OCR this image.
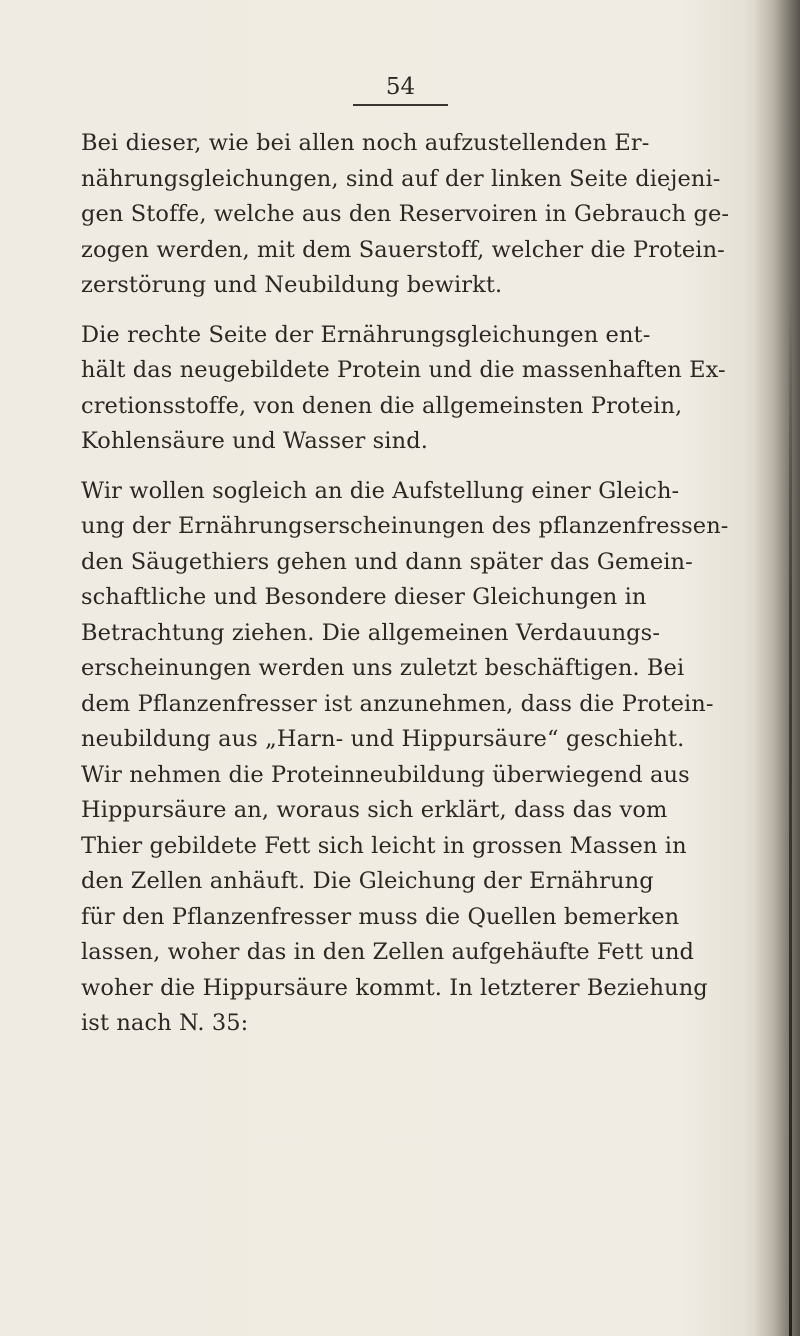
54
Bei dieser, wie bei allen noch aufzustellenden Er-
nährungsgleichungen, sind auf der linken Seite diejeni-
gen Stoffe, welche aus den Reservoiren in Gebrauch ge-
zogen werden, mit dem Sauerstoff, welcher die Protein-
zerstörung und Neubildung bewirkt.
Die rechte Seite der Ernährungsgleichungen ent-
hält das neugebildete Protein und die massenhaften Ex-
cretionsstoffe, von denen die allgemeinsten Protein,
Kohlensäure und Wasser sind.
Wir wollen sogleich an die Aufstellung einer Gleich-
ung der Ernährungserscheinungen des pflanzenfressen-
den Säugethiers gehen und dann später das Gemein-
schaftliche und Besondere dieser Gleichungen in
Betrachtung ziehen. Die allgemeinen Verdauungs-
erscheinungen werden uns zuletzt beschäftigen. Bei
dem Pflanzenfresser ist anzunehmen, dass die Protein-
neubildung aus „Harn- und Hippursäure“ geschieht.
Wir nehmen die Proteinneubildung überwiegend aus
Hippursäure an, woraus sich erklärt, dass das vom
Thier gebildete Fett sich leicht in grossen Massen in
den Zellen anhäuft. Die Gleichung der Ernährung
für den Pflanzenfresser muss die Quellen bemerken
lassen, woher das in den Zellen aufgehäufte Fett und
woher die Hippursäure kommt. In letzterer Beziehung
ist nach N. 35:
